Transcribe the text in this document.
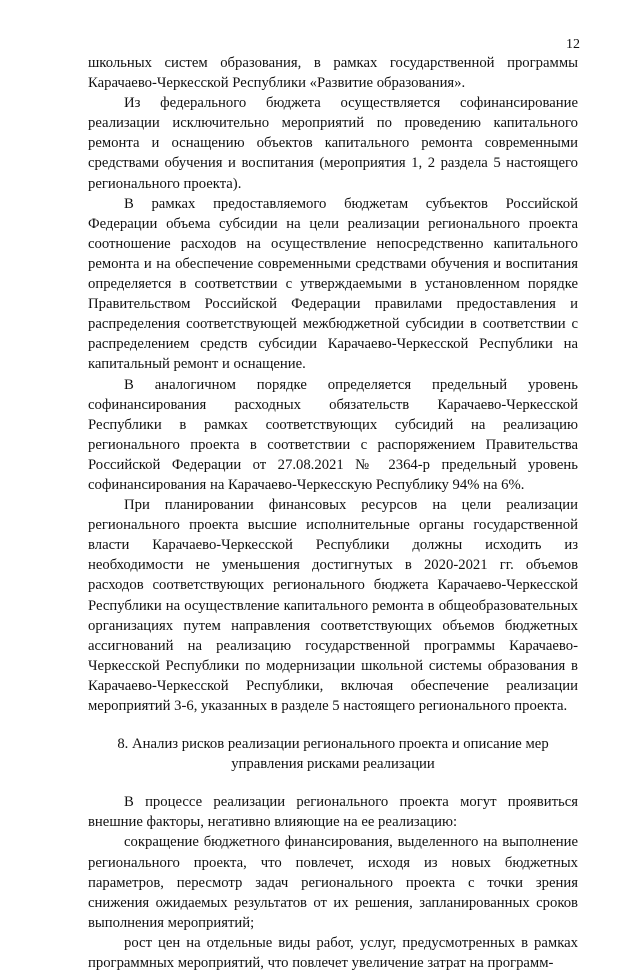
12

школьных систем образования, в рамках государственной программы Карачаево-Черкесской Республики «Развитие образования».

Из федерального бюджета осуществляется софинансирование реализации исключительно мероприятий по проведению капитального ремонта и оснащению объектов капитального ремонта современными средствами обучения и воспитания (мероприятия 1, 2 раздела 5 настоящего регионального проекта).

В рамках предоставляемого бюджетам субъектов Российской Федерации объема субсидии на цели реализации регионального проекта соотношение расходов на осуществление непосредственно капитального ремонта и на обеспечение современными средствами обучения и воспитания определяется в соответствии с утверждаемыми в установленном порядке Правительством Российской Федерации правилами предоставления и распределения соответствующей межбюджетной субсидии в соответствии с распределением средств субсидии Карачаево-Черкесской Республики на капитальный ремонт и оснащение.

В аналогичном порядке определяется предельный уровень софинансирования расходных обязательств Карачаево-Черкесской Республики в рамках соответствующих субсидий на реализацию регионального проекта в соответствии с распоряжением Правительства Российской Федерации от 27.08.2021 № 2364-р предельный уровень софинансирования на Карачаево-Черкесскую Республику 94% на 6%.

При планировании финансовых ресурсов на цели реализации регионального проекта высшие исполнительные органы государственной власти Карачаево-Черкесской Республики должны исходить из необходимости не уменьшения достигнутых в 2020-2021 гг. объемов расходов соответствующих регионального бюджета Карачаево-Черкесской Республики на осуществление капитального ремонта в общеобразовательных организациях путем направления соответствующих объемов бюджетных ассигнований на реализацию государственной программы Карачаево-Черкесской Республики по модернизации школьной системы образования в Карачаево-Черкесской Республики, включая обеспечение реализации мероприятий 3-6, указанных в разделе 5 настоящего регионального проекта.

8. Анализ рисков реализации регионального проекта и описание мер управления рисками реализации

В процессе реализации регионального проекта могут проявиться внешние факторы, негативно влияющие на ее реализацию:

сокращение бюджетного финансирования, выделенного на выполнение регионального проекта, что повлечет, исходя из новых бюджетных параметров, пересмотр задач регионального проекта с точки зрения снижения ожидаемых результатов от их решения, запланированных сроков выполнения мероприятий;

рост цен на отдельные виды работ, услуг, предусмотренных в рамках программных мероприятий, что повлечет увеличение затрат на программ-
